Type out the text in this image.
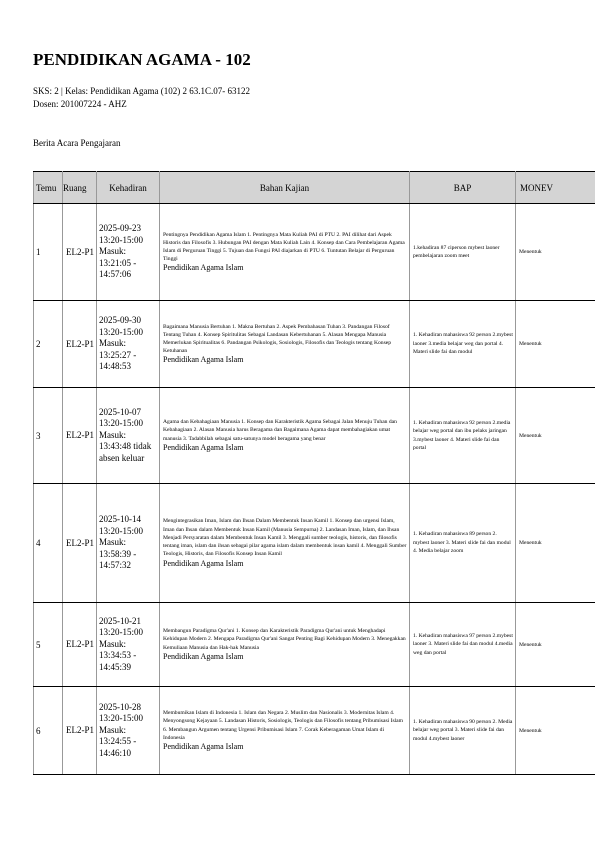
PENDIDIKAN AGAMA - 102
SKS: 2 | Kelas: Pendidikan Agama (102) 2 63.1C.07- 63122
Dosen: 201007224 - AHZ
Berita Acara Pengajaran
Temu	Ruang	Kehadiran	Bahan Kajian	BAP	MONEV
1	EL2-P1	2025-09-23 13:20-15:00 Masuk: 13:21:05 - 14:57:06	Pentingnya Pendidikan Agama Islam 1. Pentingnya Mata Kuliah PAI di PTU 2. PAI dilihat dari Aspek Historis dan Filosofis 3. Hubungan PAI dengan Mata Kuliah Lain 4. Konsep dan Cara Pembelajaran Agama Islam di Perguruan Tinggi 5. Tujuan dan Fungsi PAI diajarkan di PTU 6. Tuntutan Belajar di Perguruan Tinggi
Pendidikan Agama Islam	1.kehadiran 87 ciperson mybest laoner pembelajaran zoom meet	Menentuk
2	EL2-P1	2025-09-30 13:20-15:00 Masuk: 13:25:27 - 14:48:53	Bagaimana Manusia Bertuhan 1. Makna Bertuhan 2. Aspek Pembahasan Tuhan 3. Pandangan Filosof Tentang Tuhan 4. Konsep Spiritulitas Sebagai Landasan Kebertuhanan 5. Alasan Mengapa Manusia Memerlukan Spiritualitas 6. Pandangan Psikologis, Sosiologis, Filosofis dan Teologis tentang Konsep Ketuhanan
Pendidikan Agama Islam	1. Kehadiran mahasiswa 92 person 2.mybest laoner 3.media belajar weg dan portal 4. Materi slide fai dan modul	Menentuk
3	EL2-P1	2025-10-07 13:20-15:00 Masuk: 13:43:48 tidak absen keluar	Agama dan Kebahagiaan Manusia 1. Konsep dan Karakteristik Agama Sebagai Jalan Menuju Tuhan dan Kebahagiaan 2. Alasan Manusia harus Beragama dan Bagaimana Agama dapat membahagiakan umat manusia 3. Tadabbilah sebagai satu-satunya model beragama yang benar
Pendidikan Agama Islam	1. Kehadiran mahasiswa 92 person 2.media belajar weg portal dan ibu pelaks jaringan 3.mybest laoner 4. Materi slide fai dan portal	Menentuk
4	EL2-P1	2025-10-14 13:20-15:00 Masuk: 13:58:39 - 14:57:32	Mengintegrasikan Iman, Islam dan Ihsan Dalam Membentuk Insan Kamil 1. Konsep dan urgensi Islam, Iman dan Ihsan dalam Membentuk Insan Kamil (Manusia Sempurna) 2. Landasan Iman, Islam, dan Ihsan Menjadi Persyaratan dalam Membentuk Insan Kamil 3. Menggali sumber teologis, historis, dan filosofis tentang iman, islam dan ihsan sebagai pilar agama islam dalam membentuk insan kamil 4. Menggali Sumber Teologis, Historis, dan Filosofis Konsep Insan Kamil
Pendidikan Agama Islam	1. Kehadiran mahasiswa 89 person 2. mybest laoner 3. Materi slide fai dan modul 4. Media belajar zoom	Menentuk
5	EL2-P1	2025-10-21 13:20-15:00 Masuk: 13:34:53 - 14:45:39	Membangun Paradigma Qur'ani 1. Konsep dan Karakteristik Paradigma Qur'ani untuk Menghadapi Kehidupan Modern 2. Mengapa Paradigma Qur'ani Sangat Penting Bagi Kehidupan Modern 3. Menegakkan Kemuliaan Manusia dan Hak-hak Manusia
Pendidikan Agama Islam	1. Kehadiran mahasiswa 97 person 2.mybest laoner 3. Materi slide fai dan modul 4.media weg dan portal	Menentuk
6	EL2-P1	2025-10-28 13:20-15:00 Masuk: 13:24:55 - 14:46:10	Membumikan Islam di Indonesia 1. Islam dan Negara 2. Muslim dan Nasionalis 3. Modernitas Islam 4. Menyongsong Kejayaan 5. Landasan Historis, Sosiologis, Teologis dan Filosofis tentang Pribumisasi Islam 6. Membangun Argumen tentang Urgensi Pribumisasi Islam 7. Corak Keberagaman Umat Islam di Indonesia
Pendidikan Agama Islam	1. Kehadiran mahasiswa 90 person 2. Media belajar weg portal 3. Materi slide fai dan modul 4.mybest laoner	Menentuk
